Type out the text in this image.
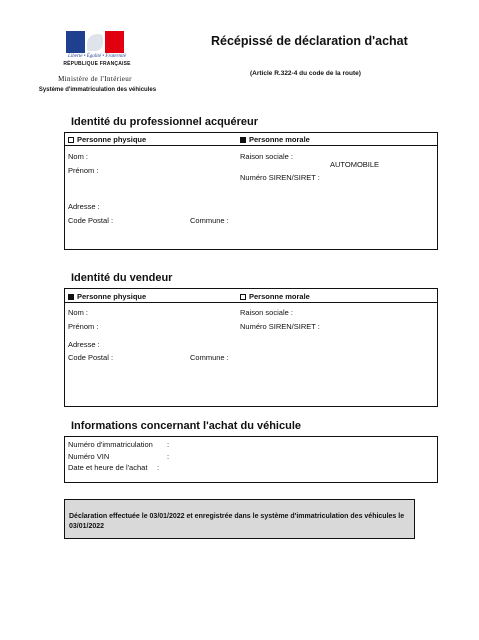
Liberté • Égalité • Fraternité
RÉPUBLIQUE FRANÇAISE
Ministère de l'Intérieur
Système d'immatriculation des véhicules
Récépissé de déclaration d'achat
(Article R.322-4 du code de la route)
Identité du professionnel acquéreur
Personne physique	Personne morale
Nom :
Prénom :
Adresse :
Code Postal :	Commune :
Raison sociale :
AUTOMOBILE
Numéro SIREN/SIRET :
Identité du vendeur
Personne physique	Personne morale
Nom :
Prénom :
Adresse :
Code Postal :	Commune :
Raison sociale :
Numéro SIREN/SIRET :
Informations concernant l'achat du véhicule
Numéro d'immatriculation :
Numéro VIN	:
Date et heure de l'achat :
Déclaration effectuée le 03/01/2022 et enregistrée dans le système d'immatriculation des véhicules le 03/01/2022
